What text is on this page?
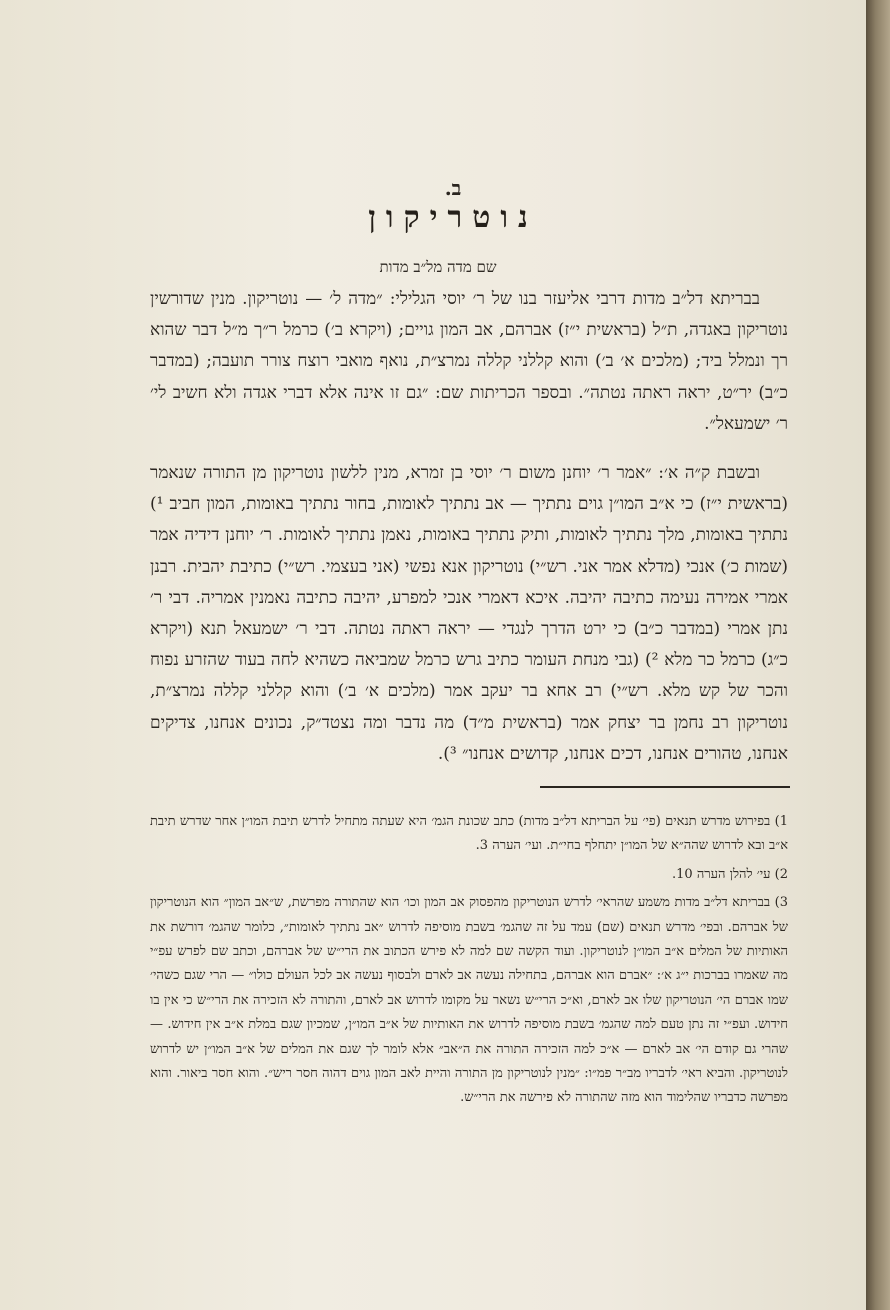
ב.
נוטריקון
שם מדה מל״ב מדות

בבריתא דל״ב מדות דרבי אליעזר בנו של ר׳ יוסי הגלילי: ״מדה ל׳ — נוטריקון. מנין שדורשין נוטריקון באגדה, ת״ל (בראשית י״ז) אברהם, אב המון גויים; (ויקרא ב׳) כרמל ר״ך מ״ל דבר שהוא רך ונמלל ביד; (מלכים א׳ ב׳) והוא קללני קללה נמרצ״ת, נואף מואבי רוצח צורר תועבה; (במדבר כ״ב) יר״ט, יראה ראתה נטתה״. ובספר הכריתות שם: ״גם זו אינה אלא דברי אגדה ולא חשיב לי׳ ר׳ ישמעאל״.

ובשבת ק״ה א׳: ״אמר ר׳ יוחנן משום ר׳ יוסי בן זמרא, מנין ללשון נוטריקון מן התורה שנאמר (בראשית י״ז) כי א״ב המו״ן גוים נתתיך — אב נתתיך לאומות, בחור נתתיך באומות, המון חביב ¹) נתתיך באומות, מלך נתתיך לאומות, ותיק נתתיך באומות, נאמן נתתיך לאומות. ר׳ יוחנן דידיה אמר (שמות כ׳) אנכי (מדלא אמר אני. רש״י) נוטריקון אנא נפשי (אני בעצמי. רש״י) כתיבת יהבית. רבנן אמרי אמירה נעימה כתיבה יהיבה. איכא דאמרי אנכי למפרע, יהיבה כתיבה נאמנין אמריה. דבי ר׳ נתן אמרי (במדבר כ״ב) כי ירט הדרך לנגדי — יראה ראתה נטתה. דבי ר׳ ישמעאל תנא (ויקרא כ״ג) כרמל כר מלא ²) (גבי מנחת העומר כתיב גרש כרמל שמביאה כשהיא לחה בעוד שהזרע נפוח והכר של קש מלא. רש״י) רב אחא בר יעקב אמר (מלכים א׳ ב׳) והוא קללני קללה נמרצ״ת, נוטריקון רב נחמן בר יצחק אמר (בראשית מ״ד) מה נדבר ומה נצטד״ק, נכונים אנחנו, צדיקים אנחנו, טהורים אנחנו, דכים אנחנו, קדושים אנחנו״ ³).

1) בפירוש מדרש תנאים (פי׳ על הבריתא דל״ב מדות) כתב שכונת הגמ׳ היא שעתה מתחיל לדרש תיבת המו״ן אחר שדרש תיבת א״ב ובא לדרוש שהה״א של המו״ן יתחלף בחי״ת. ועי׳ הערה 3.

2) עי׳ להלן הערה 10.

3) בבריתא דל״ב מדות משמע שהראי׳ לדרש הנוטריקון מהפסוק אב המון וכו׳ הוא שהתורה מפרשת, ש״אב המון״ הוא הנוטריקון של אברהם. ובפי׳ מדרש תנאים (שם) עמד על זה שהגמ׳ בשבת מוסיפה לדרוש ״אב נתתיך לאומות״, כלומר שהגמ׳ דורשת את האותיות של המלים א״ב המו״ן לנוטריקון. ועוד הקשה שם למה לא פירש הכתוב את הרי״ש של אברהם, וכתב שם לפרש עפ״י מה שאמרו בברכות י״ג א׳: ״אברם הוא אברהם, בתחילה נעשה אב לארם ולבסוף נעשה אב לכל העולם כולו״ — הרי שגם כשהי׳ שמו אברם הי׳ הנוטריקון שלו אב לארם, וא״כ הרי״ש נשאר על מקומו לדרוש אב לארם, והתורה לא הזכירה את הרי״ש כי אין בו חידוש. ועפ״י זה נתן טעם למה שהגמ׳ בשבת מוסיפה לדרוש את האותיות של א״ב המו״ן, שמכיון שגם במלת א״ב אין חידוש. — שהרי גם קודם הי׳ אב לארם — א״כ למה הזכירה התורה את ה״אב״ אלא לומר לך שגם את המלים של א״ב המו״ן יש לדרוש לנוטריקון. והביא ראי׳ לדבריו מב״ר פמ״ו: ״מנין לנוטריקון מן התורה והיית לאב המון גוים דהוה חסר ריש״. והוא חסר ביאור. והוא מפרשה כדבריו שהלימוד הוא מזה שהתורה לא פירשה את הרי״ש.
